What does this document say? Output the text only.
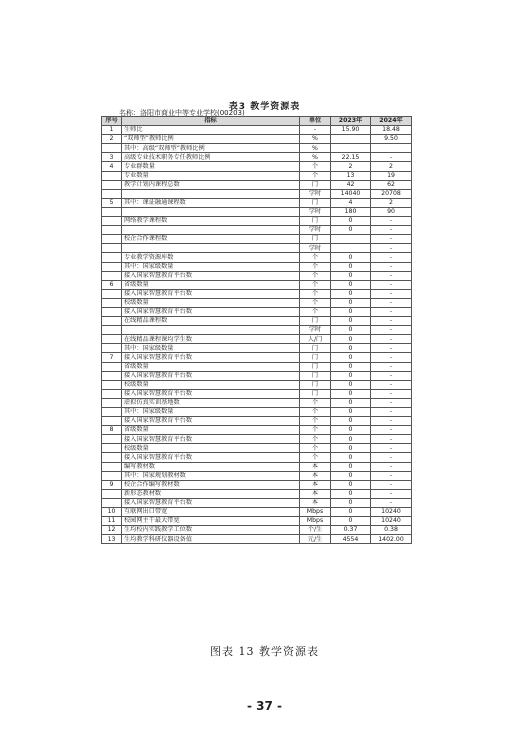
表3 教学资源表
名称：洛阳市商业中等专业学校(00203)
序号	指标	单位	2023年	2024年
1	生师比	-	15.90	18.48
2	“双师型”教师比例	%		9.50
	其中：高级“双师型”教师比例	%		
3	高级专业技术职务专任教师比例	%	22.15	-
4	专业群数量	个	2	2
	专业数量	个	13	19
	教学计划内课程总数	门	42	62
		学时	14040	20708
5	其中：课证融通课程数	门	4	2
		学时	180	90
	网络教学课程数	门	0	-
		学时	0	-
	校企合作课程数	门		-
		学时		-
	专业教学资源库数	个	0	-
	其中：国家级数量	个	0	-
	接入国家智慧教育平台数	个	0	-
6	省级数量	个	0	-
	接入国家智慧教育平台数	个	0	-
	校级数量	个	0	-
	接入国家智慧教育平台数	个	0	-
	在线精品课程数	门	0	-
		学时	0	-
	在线精品课程课均学生数	人/门	0	-
	其中：国家级数量	门	0	-
7	接入国家智慧教育平台数	门	0	-
	省级数量	门	0	-
	接入国家智慧教育平台数	门	0	-
	校级数量	门	0	-
	接入国家智慧教育平台数	门	0	-
	虚拟仿真实训基地数	个	0	-
	其中：国家级数量	个	0	-
	接入国家智慧教育平台数	个	0	-
8	省级数量	个	0	-
	接入国家智慧教育平台数	个	0	-
	校级数量	个	0	-
	接入国家智慧教育平台数	个	0	-
	编写教材数	本	0	-
	其中：国家规划教材数	本	0	-
9	校企合作编写教材数	本	0	-
	新形态教材数	本	0	-
	接入国家智慧教育平台数	本	0	-
10	互联网出口带宽	Mbps	0	10240
11	校园网主干最大带宽	Mbps	0	10240
12	生均校内实践教学工位数	个/生	0.37	0.38
13	生均教学科研仪器设备值	元/生	4554	1402.00
图表 13 教学资源表
- 37 -
